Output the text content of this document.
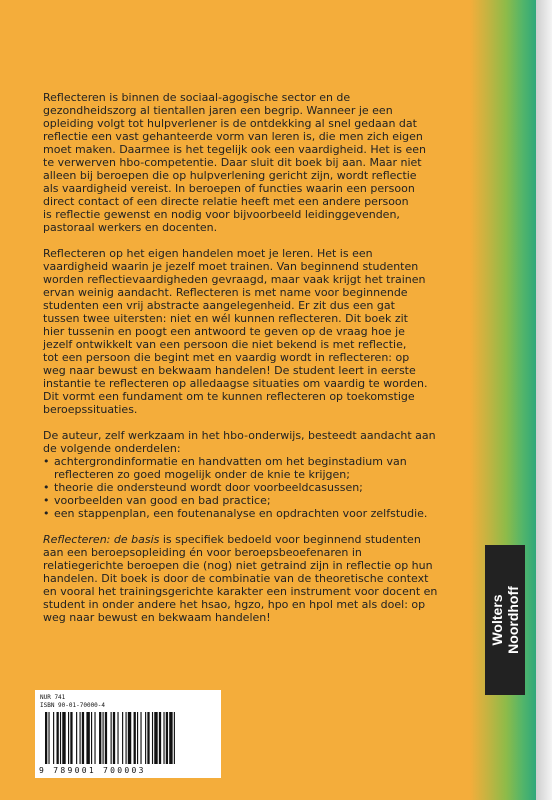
Reflecteren is binnen de sociaal-agogische sector en de
gezondheidszorg al tientallen jaren een begrip. Wanneer je een
opleiding volgt tot hulpverlener is de ontdekking al snel gedaan dat
reflectie een vast gehanteerde vorm van leren is, die men zich eigen
moet maken. Daarmee is het tegelijk ook een vaardigheid. Het is een
te verwerven hbo-competentie. Daar sluit dit boek bij aan. Maar niet
alleen bij beroepen die op hulpverlening gericht zijn, wordt reflectie
als vaardigheid vereist. In beroepen of functies waarin een persoon
direct contact of een directe relatie heeft met een andere persoon
is reflectie gewenst en nodig voor bijvoorbeeld leidinggevenden,
pastoraal werkers en docenten.

Reflecteren op het eigen handelen moet je leren. Het is een
vaardigheid waarin je jezelf moet trainen. Van beginnend studenten
worden reflectievaardigheden gevraagd, maar vaak krijgt het trainen
ervan weinig aandacht. Reflecteren is met name voor beginnende
studenten een vrij abstracte aangelegenheid. Er zit dus een gat
tussen twee uitersten: niet en wél kunnen reflecteren. Dit boek zit
hier tussenin en poogt een antwoord te geven op de vraag hoe je
jezelf ontwikkelt van een persoon die niet bekend is met reflectie,
tot een persoon die begint met en vaardig wordt in reflecteren: op
weg naar bewust en bekwaam handelen! De student leert in eerste
instantie te reflecteren op alledaagse situaties om vaardig te worden.
Dit vormt een fundament om te kunnen reflecteren op toekomstige
beroepssituaties.

De auteur, zelf werkzaam in het hbo-onderwijs, besteedt aandacht aan
de volgende onderdelen:

• achtergrondinformatie en handvatten om het beginstadium van
reflecteren zo goed mogelijk onder de knie te krijgen;
• theorie die ondersteund wordt door voorbeeldcasussen;
• voorbeelden van good en bad practice;
• een stappenplan, een foutenanalyse en opdrachten voor zelfstudie.

Reflecteren: de basis is specifiek bedoeld voor beginnend studenten
aan een beroepsopleiding én voor beroepsbeoefenaren in
relatiegerichte beroepen die (nog) niet getraind zijn in reflectie op hun
handelen. Dit boek is door de combinatie van de theoretische context
en vooral het trainingsgerichte karakter een instrument voor docent en
student in onder andere het hsao, hgzo, hpo en hpol met als doel: op
weg naar bewust en bekwaam handelen!	Wolters
Noordhoff
NUR 741
ISBN 90-01-70000-4
9 789001 700003
